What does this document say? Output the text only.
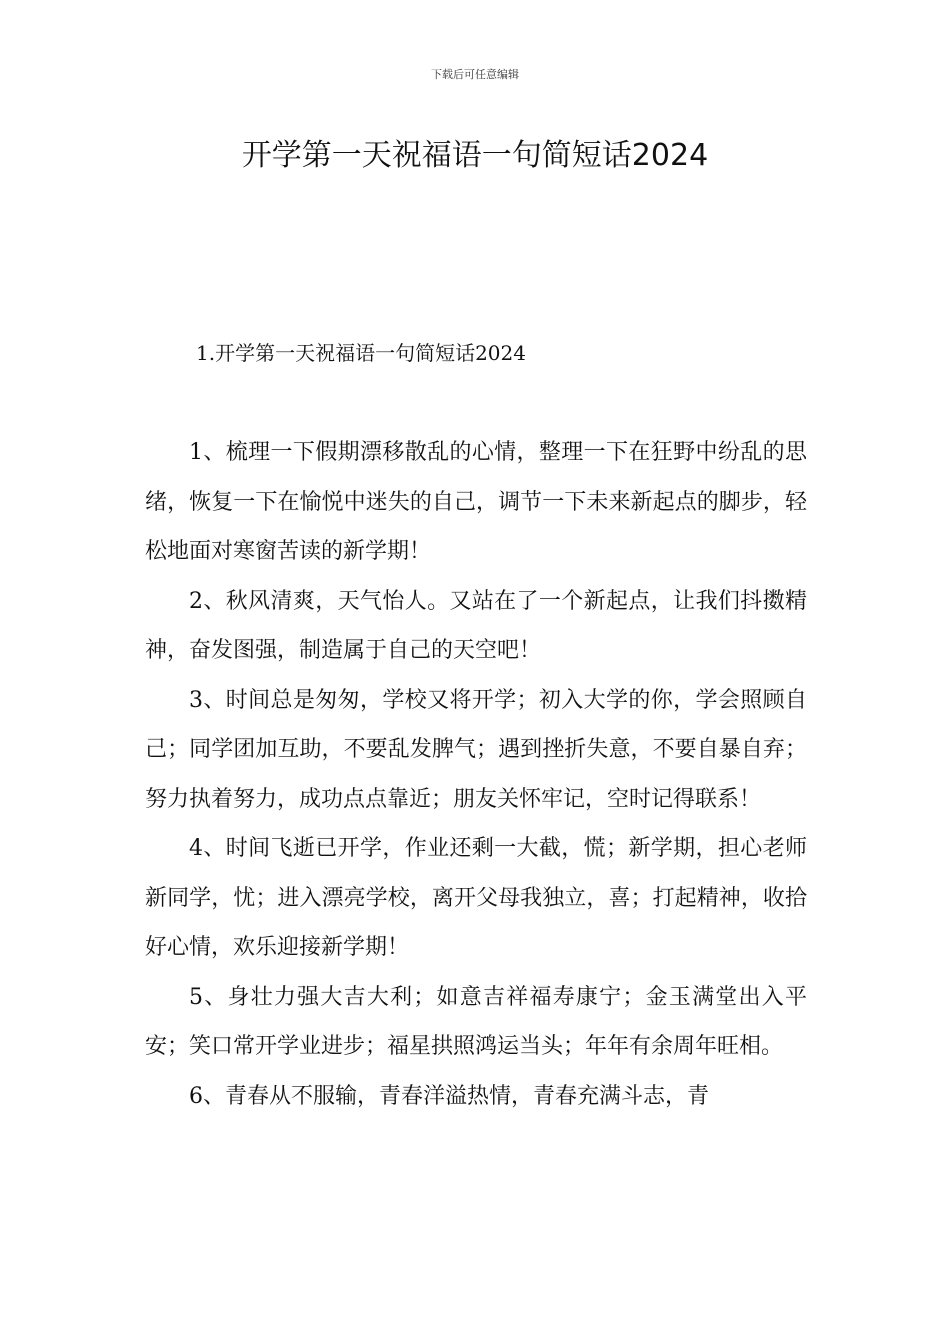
下载后可任意编辑
开学第一天祝福语一句简短话2024
1.开学第一天祝福语一句简短话2024

1、梳理一下假期漂移散乱的心情，整理一下在狂野中纷乱的思绪，恢复一下在愉悦中迷失的自己，调节一下未来新起点的脚步，轻松地面对寒窗苦读的新学期！

2、秋风清爽，天气怡人。又站在了一个新起点，让我们抖擞精神，奋发图强，制造属于自己的天空吧！

3、时间总是匆匆，学校又将开学；初入大学的你，学会照顾自己；同学团加互助，不要乱发脾气；遇到挫折失意，不要自暴自弃；努力执着努力，成功点点靠近；朋友关怀牢记，空时记得联系！

4、时间飞逝已开学，作业还剩一大截，慌；新学期，担心老师新同学，忧；进入漂亮学校，离开父母我独立，喜；打起精神，收拾好心情，欢乐迎接新学期！

5、身壮力强大吉大利；如意吉祥福寿康宁；金玉满堂出入平安；笑口常开学业进步；福星拱照鸿运当头；年年有余周年旺相。

6、青春从不服输，青春洋溢热情，青春充满斗志，青
